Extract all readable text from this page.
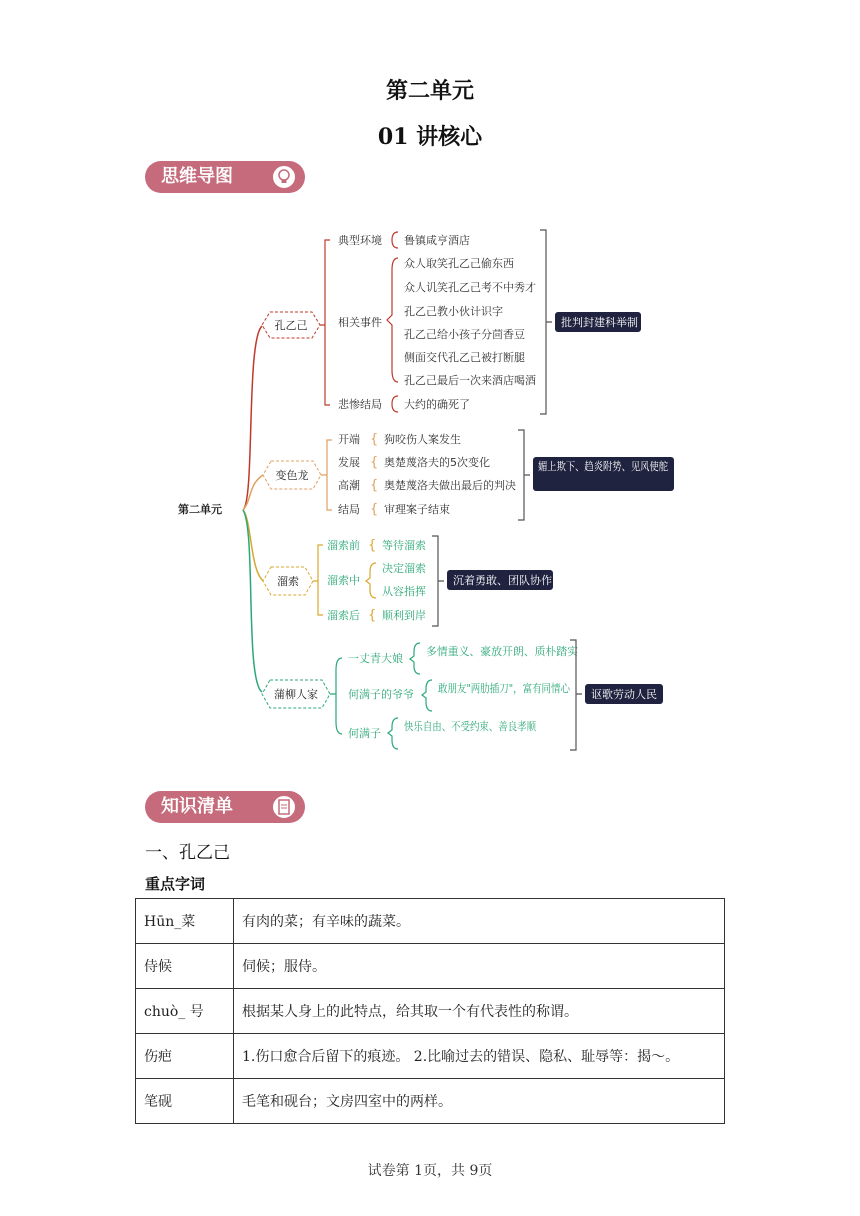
第二单元
01 讲核心
思维导图
第二单元
孔乙己
典型环境
相关事件
悲惨结局
鲁镇咸亨酒店
众人取笑孔乙己偷东西
众人讥笑孔乙己考不中秀才
孔乙己教小伙计识字
孔乙己给小孩子分茴香豆
侧面交代孔乙己被打断腿
孔乙己最后一次来酒店喝酒
大约的确死了
批判封建科举制
变色龙
开端
发展
高潮
结局
{
{
{
{
狗咬伤人案发生
奥楚蔑洛夫的5次变化
奥楚蔑洛夫做出最后的判决
审理案子结束
媚上欺下、趋炎附势、见风使舵
溜索
溜索前
溜索中
溜索后
{
{
等待溜索
决定溜索
从容指挥
顺利到岸
沉着勇敢、团队协作
蒲柳人家
一丈青大娘
何满子的爷爷
何满子
多情重义、豪放开朗、质朴踏实
敢朋友"两肋插刀"，富有同情心
快乐自由、不受约束、善良孝顺
讴歌劳动人民
知识清单
一、孔乙己
重点字词
Hūn_菜	有肉的菜；有辛味的蔬菜。
侍候	伺候；服侍。
chuò_ 号	根据某人身上的此特点，给其取一个有代表性的称谓。
伤疤	1.伤口愈合后留下的痕迹。 2.比喻过去的错误、隐私、耻辱等：揭～。
笔砚	毛笔和砚台；文房四室中的两样。
试卷第 1页，共 9页
